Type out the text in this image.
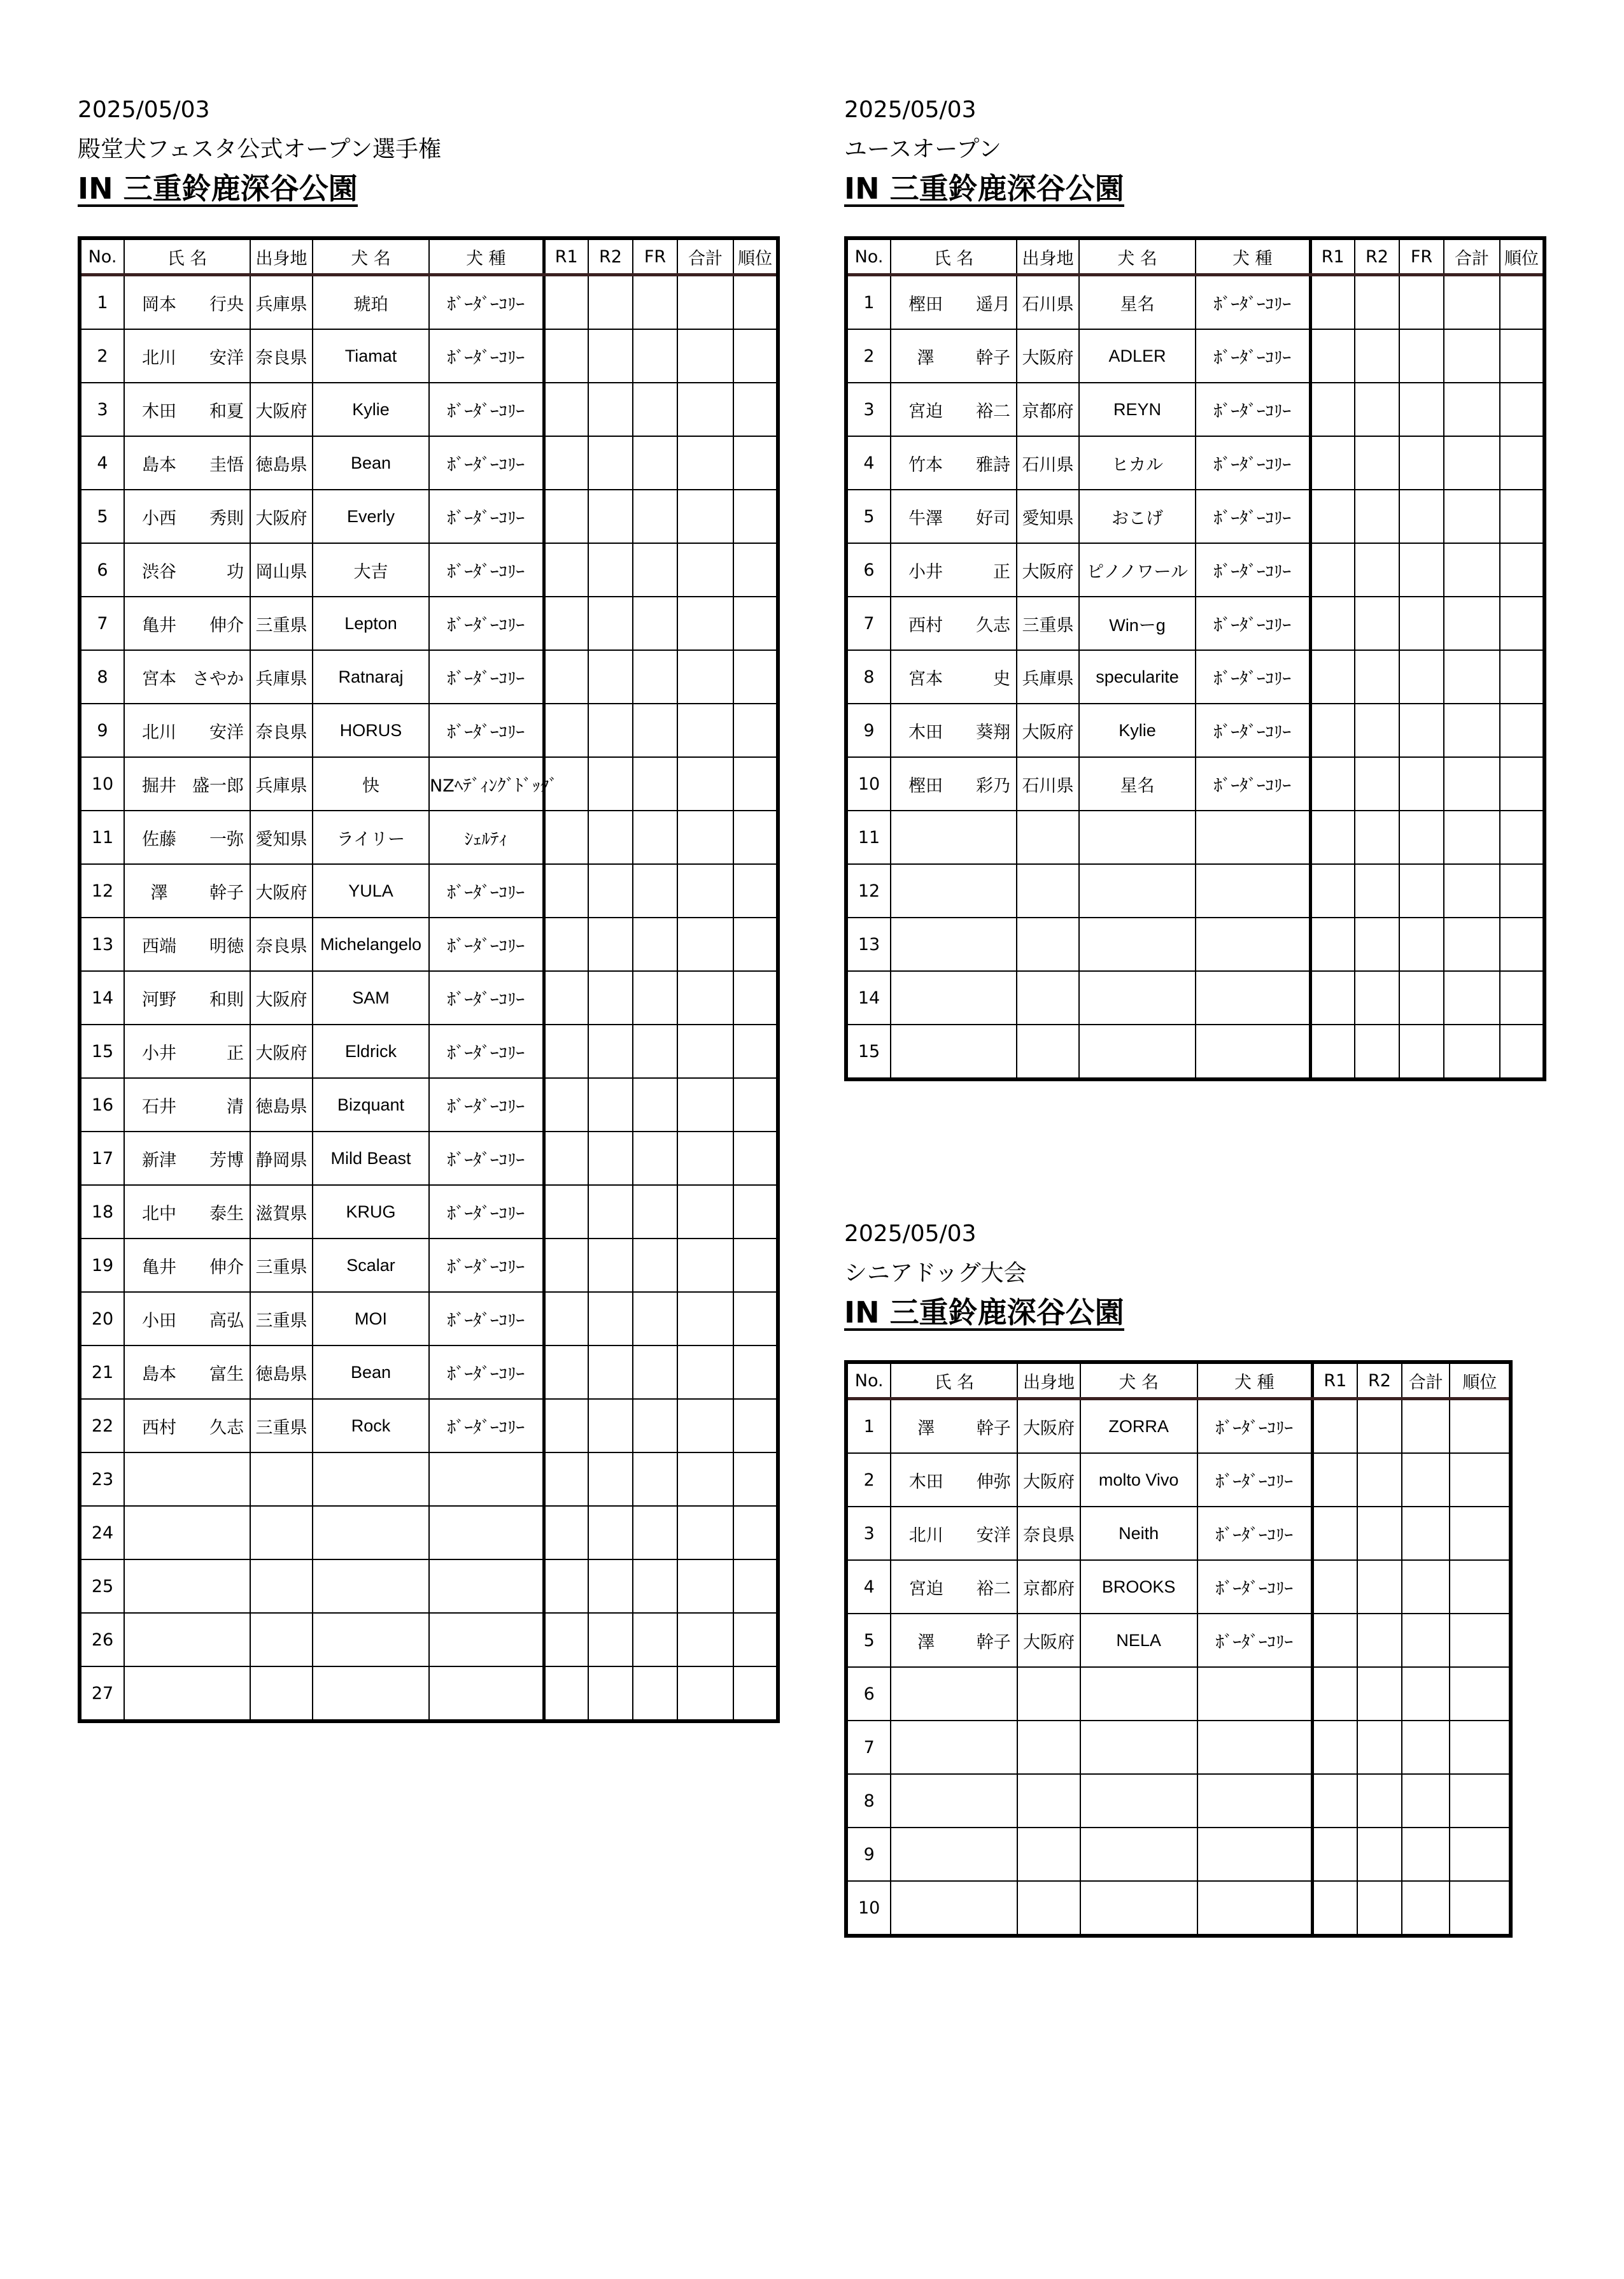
2025/05/03
殿堂犬フェスタ公式オープン選手権
IN 三重鈴鹿深谷公園
No.	氏 名	出身地	犬 名	犬 種	R1	R2	FR	合計	順位
1	岡本 行央	兵庫県	琥珀	ﾎﾞｰﾀﾞｰｺﾘｰ					
2	北川 安洋	奈良県	Tiamat	ﾎﾞｰﾀﾞｰｺﾘｰ					
3	木田 和夏	大阪府	Kylie	ﾎﾞｰﾀﾞｰｺﾘｰ					
4	島本 圭悟	徳島県	Bean	ﾎﾞｰﾀﾞｰｺﾘｰ					
5	小西 秀則	大阪府	Everly	ﾎﾞｰﾀﾞｰｺﾘｰ					
6	渋谷 功	岡山県	大吉	ﾎﾞｰﾀﾞｰｺﾘｰ					
7	亀井 伸介	三重県	Lepton	ﾎﾞｰﾀﾞｰｺﾘｰ					
8	宮本 さやか	兵庫県	Ratnaraj	ﾎﾞｰﾀﾞｰｺﾘｰ					
9	北川 安洋	奈良県	HORUS	ﾎﾞｰﾀﾞｰｺﾘｰ					
10	掘井 盛一郎	兵庫県	快	NZﾍﾃﾞｨﾝｸﾞﾄﾞｯｸﾞ					
11	佐藤 一弥	愛知県	ライリー	ｼｪﾙﾃｨ					
12	澤 幹子	大阪府	YULA	ﾎﾞｰﾀﾞｰｺﾘｰ					
13	西端 明徳	奈良県	Michelangelo	ﾎﾞｰﾀﾞｰｺﾘｰ					
14	河野 和則	大阪府	SAM	ﾎﾞｰﾀﾞｰｺﾘｰ					
15	小井 正	大阪府	Eldrick	ﾎﾞｰﾀﾞｰｺﾘｰ					
16	石井 清	徳島県	Bizquant	ﾎﾞｰﾀﾞｰｺﾘｰ					
17	新津 芳博	静岡県	Mild Beast	ﾎﾞｰﾀﾞｰｺﾘｰ					
18	北中 泰生	滋賀県	KRUG	ﾎﾞｰﾀﾞｰｺﾘｰ					
19	亀井 伸介	三重県	Scalar	ﾎﾞｰﾀﾞｰｺﾘｰ					
20	小田 高弘	三重県	MOI	ﾎﾞｰﾀﾞｰｺﾘｰ					
21	島本 富生	徳島県	Bean	ﾎﾞｰﾀﾞｰｺﾘｰ					
22	西村 久志	三重県	Rock	ﾎﾞｰﾀﾞｰｺﾘｰ					
23									
24									
25									
26									
27									
2025/05/03
ユースオープン
IN 三重鈴鹿深谷公園
No.	氏 名	出身地	犬 名	犬 種	R1	R2	FR	合計	順位
1	樫田 遥月	石川県	星名	ﾎﾞｰﾀﾞｰｺﾘｰ					
2	澤 幹子	大阪府	ADLER	ﾎﾞｰﾀﾞｰｺﾘｰ					
3	宮迫 裕二	京都府	REYN	ﾎﾞｰﾀﾞｰｺﾘｰ					
4	竹本 雅詩	石川県	ヒカル	ﾎﾞｰﾀﾞｰｺﾘｰ					
5	牛澤 好司	愛知県	おこげ	ﾎﾞｰﾀﾞｰｺﾘｰ					
6	小井 正	大阪府	ピノノワール	ﾎﾞｰﾀﾞｰｺﾘｰ					
7	西村 久志	三重県	Winーg	ﾎﾞｰﾀﾞｰｺﾘｰ					
8	宮本 史	兵庫県	specularite	ﾎﾞｰﾀﾞｰｺﾘｰ					
9	木田 葵翔	大阪府	Kylie	ﾎﾞｰﾀﾞｰｺﾘｰ					
10	樫田 彩乃	石川県	星名	ﾎﾞｰﾀﾞｰｺﾘｰ					
11									
12									
13									
14									
15									
2025/05/03
シニアドッグ大会
IN 三重鈴鹿深谷公園
No.	氏 名	出身地	犬 名	犬 種	R1	R2	合計	順位
1	澤 幹子	大阪府	ZORRA	ﾎﾞｰﾀﾞｰｺﾘｰ				
2	木田 伸弥	大阪府	molto Vivo	ﾎﾞｰﾀﾞｰｺﾘｰ				
3	北川 安洋	奈良県	Neith	ﾎﾞｰﾀﾞｰｺﾘｰ				
4	宮迫 裕二	京都府	BROOKS	ﾎﾞｰﾀﾞｰｺﾘｰ				
5	澤 幹子	大阪府	NELA	ﾎﾞｰﾀﾞｰｺﾘｰ				
6								
7								
8								
9								
10								
